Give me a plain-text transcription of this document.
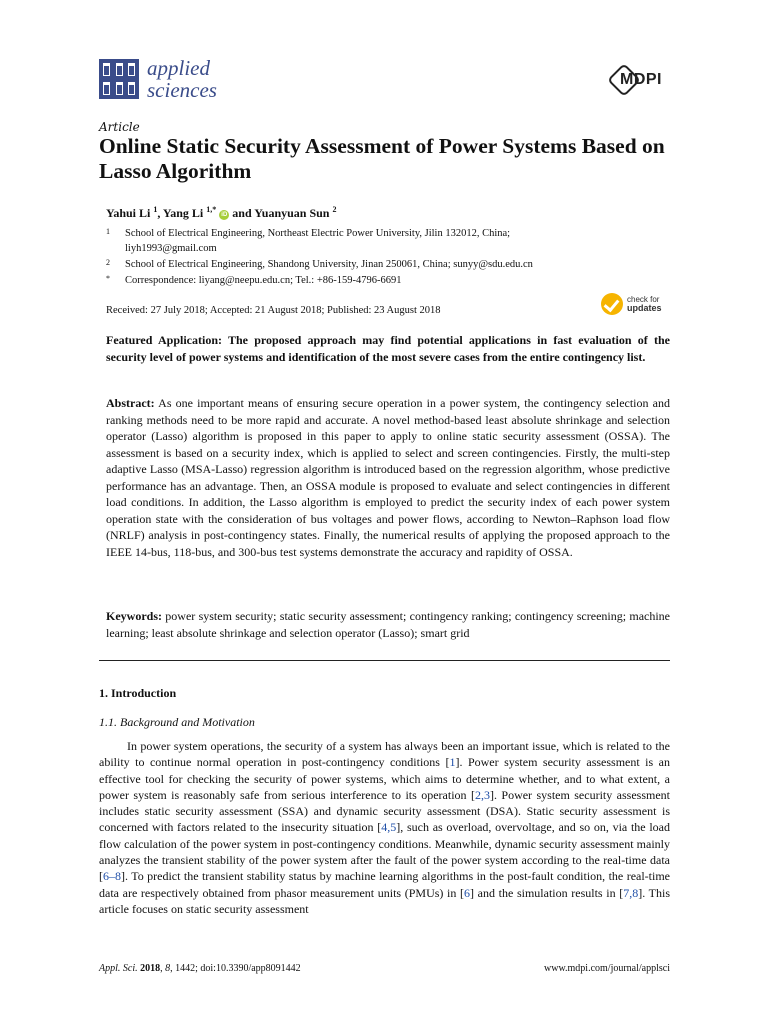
applied
sciences	MDPI
Article
Online Static Security Assessment of Power Systems Based on Lasso Algorithm
Yahui Li $^1$, Yang Li $^{1,*}$ iD and Yuanyuan Sun $^2$
1 School of Electrical Engineering, Northeast Electric Power University, Jilin 132012, China; liyh1993@gmail.com
2 School of Electrical Engineering, Shandong University, Jinan 250061, China; sunyy@sdu.edu.cn
* Correspondence: liyang@neepu.edu.cn; Tel.: +86-159-4796-6691
Received: 27 July 2018; Accepted: 21 August 2018; Published: 23 August 2018
check for
updates
Featured Application: The proposed approach may find potential applications in fast evaluation of the security level of power systems and identification of the most severe cases from the entire contingency list.
Abstract: As one important means of ensuring secure operation in a power system, the contingency selection and ranking methods need to be more rapid and accurate. A novel method-based least absolute shrinkage and selection operator (Lasso) algorithm is proposed in this paper to apply to online static security assessment (OSSA). The assessment is based on a security index, which is applied to select and screen contingencies. Firstly, the multi-step adaptive Lasso (MSA-Lasso) regression algorithm is introduced based on the regression algorithm, whose predictive performance has an advantage. Then, an OSSA module is proposed to evaluate and select contingencies in different load conditions. In addition, the Lasso algorithm is employed to predict the security index of each power system operation state with the consideration of bus voltages and power flows, according to Newton–Raphson load flow (NRLF) analysis in post-contingency states. Finally, the numerical results of applying the proposed approach to the IEEE 14-bus, 118-bus, and 300-bus test systems demonstrate the accuracy and rapidity of OSSA.
Keywords: power system security; static security assessment; contingency ranking; contingency screening; machine learning; least absolute shrinkage and selection operator (Lasso); smart grid
1. Introduction
1.1. Background and Motivation
In power system operations, the security of a system has always been an important issue, which is related to the ability to continue normal operation in post-contingency conditions [1]. Power system security assessment is an effective tool for checking the security of power systems, which aims to determine whether, and to what extent, a power system is reasonably safe from serious interference to its operation [2,3]. Power system security assessment includes static security assessment (SSA) and dynamic security assessment (DSA). Static security assessment is concerned with factors related to the insecurity situation [4,5], such as overload, overvoltage, and so on, via the load flow calculation of the power system in post-contingency conditions. Meanwhile, dynamic security assessment mainly analyzes the transient stability of the power system after the fault of the power system according to the real-time data [6–8]. To predict the transient stability status by machine learning algorithms in the post-fault condition, the real-time data are respectively obtained from phasor measurement units (PMUs) in [6] and the simulation results in [7,8]. This article focuses on static security assessment
Appl. Sci. 2018, 8, 1442; doi:10.3390/app8091442	www.mdpi.com/journal/applsci
